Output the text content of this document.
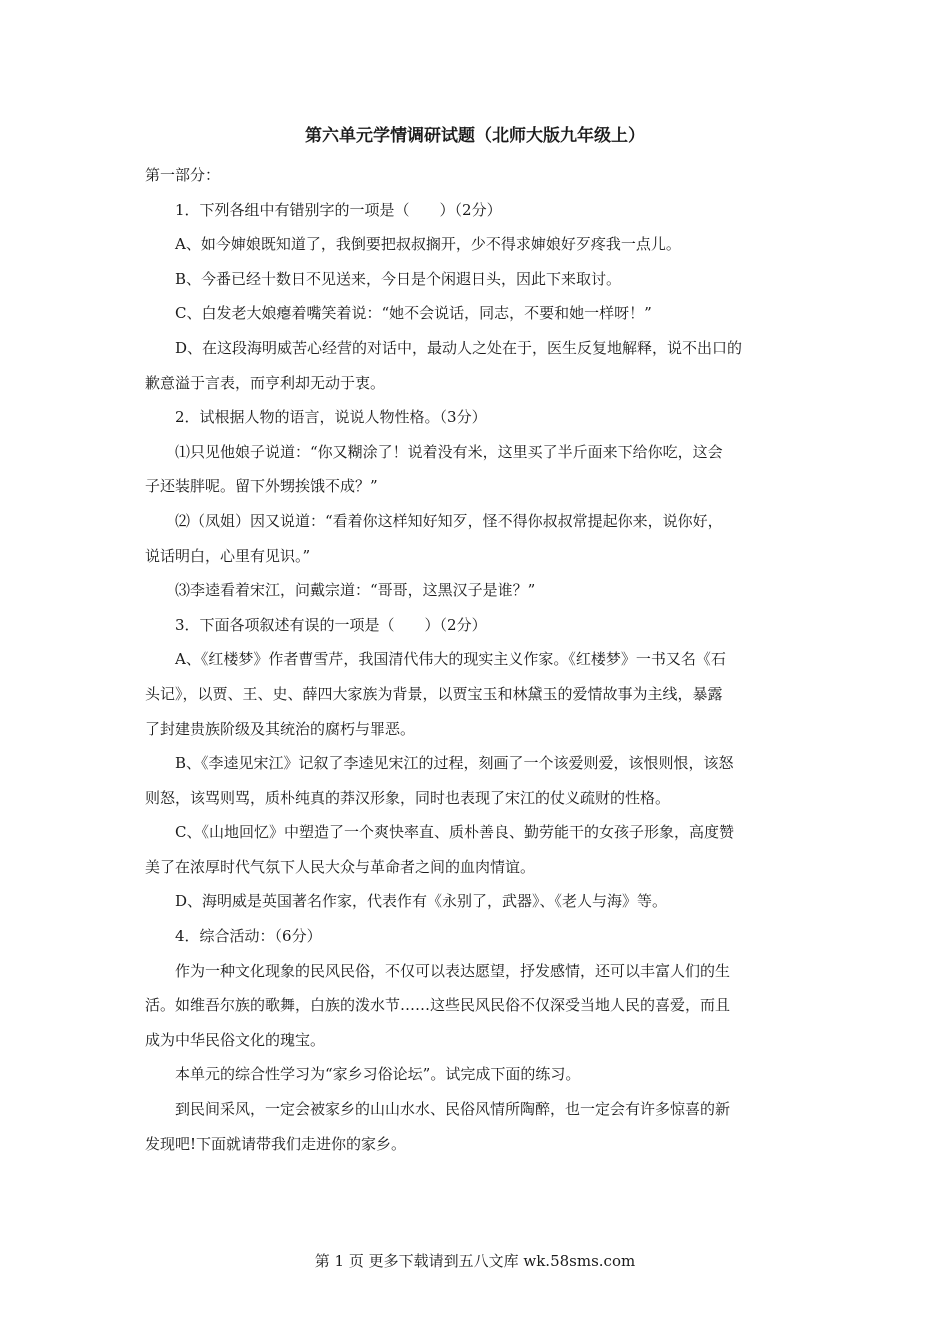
第六单元学情调研试题（北师大版九年级上）
第一部分：
1．下列各组中有错别字的一项是（　　）（2分）
A、如今婶娘既知道了，我倒要把叔叔搁开，少不得求婶娘好歹疼我一点儿。
B、今番已经十数日不见送来，今日是个闲遐日头，因此下来取讨。
C、白发老大娘瘪着嘴笑着说：“她不会说话，同志，不要和她一样呀！”
D、在这段海明威苦心经营的对话中，最动人之处在于，医生反复地解释，说不出口的
歉意溢于言表，而亨利却无动于衷。
2．试根据人物的语言，说说人物性格。（3分）
⑴只见他娘子说道：“你又糊涂了！说着没有米，这里买了半斤面来下给你吃，这会
子还装胖呢。留下外甥挨饿不成？”
⑵（凤姐）因又说道：“看着你这样知好知歹，怪不得你叔叔常提起你来，说你好，
说话明白，心里有见识。”
⑶李逵看着宋江，问戴宗道：“哥哥，这黑汉子是谁？”
3．下面各项叙述有误的一项是（　　）（2分）
A、《红楼梦》作者曹雪芹，我国清代伟大的现实主义作家。《红楼梦》一书又名《石
头记》，以贾、王、史、薛四大家族为背景，以贾宝玉和林黛玉的爱情故事为主线，暴露
了封建贵族阶级及其统治的腐朽与罪恶。
B、《李逵见宋江》记叙了李逵见宋江的过程，刻画了一个该爱则爱，该恨则恨，该怒
则怒，该骂则骂，质朴纯真的莽汉形象，同时也表现了宋江的仗义疏财的性格。
C、《山地回忆》中塑造了一个爽快率直、质朴善良、勤劳能干的女孩子形象，高度赞
美了在浓厚时代气氛下人民大众与革命者之间的血肉情谊。
D、海明威是英国著名作家，代表作有《永别了，武器》、《老人与海》等。
4．综合活动：（6分）
作为一种文化现象的民风民俗，不仅可以表达愿望，抒发感情，还可以丰富人们的生
活。如维吾尔族的歌舞，白族的泼水节……这些民风民俗不仅深受当地人民的喜爱，而且
成为中华民俗文化的瑰宝。
本单元的综合性学习为“家乡习俗论坛”。试完成下面的练习。
到民间采风，一定会被家乡的山山水水、民俗风情所陶醉，也一定会有许多惊喜的新
发现吧!下面就请带我们走进你的家乡。
第 1 页 更多下载请到五八文库 wk.58sms.com
